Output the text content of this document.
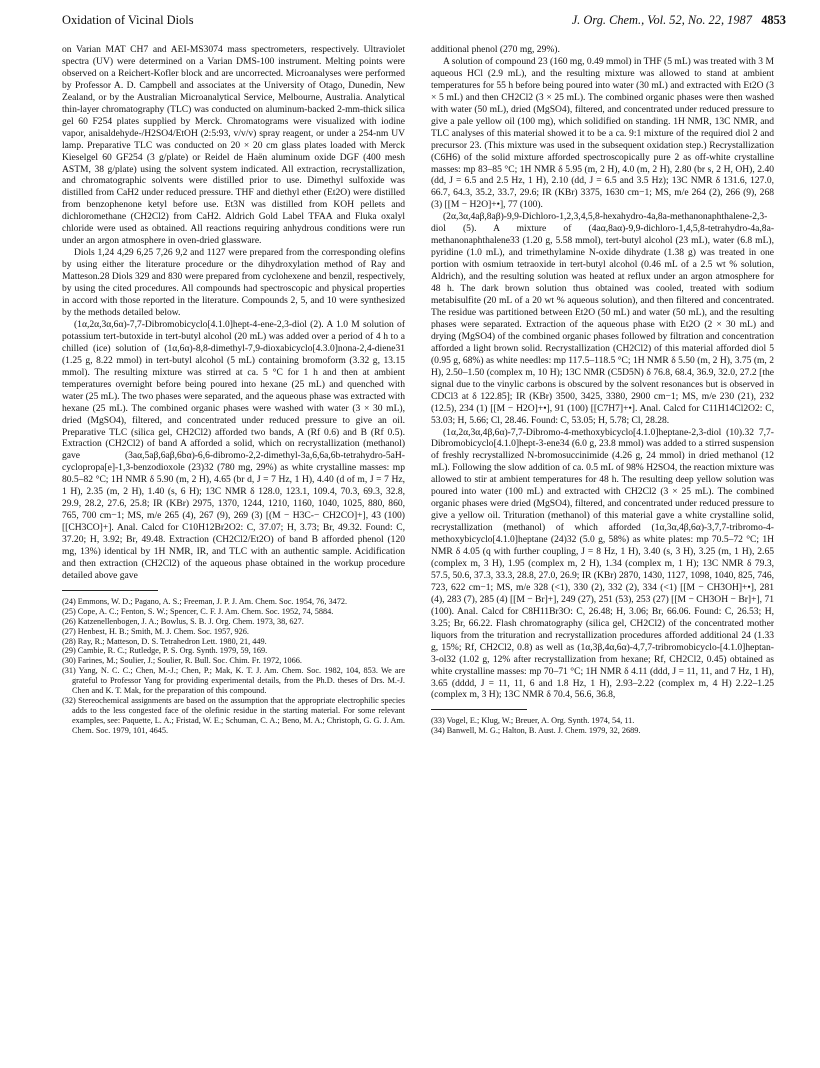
Oxidation of Vicinal Diols	J. Org. Chem., Vol. 52, No. 22, 1987 4853

on Varian MAT CH7 and AEI-MS3074 mass spectrometers, respectively. Ultraviolet spectra (UV) were determined on a Varian DMS-100 instrument. Melting points were observed on a Reichert-Kofler block and are uncorrected. Microanalyses were performed by Professor A. D. Campbell and associates at the University of Otago, Dunedin, New Zealand, or by the Australian Microanalytical Service, Melbourne, Australia. Analytical thin-layer chromatography (TLC) was conducted on aluminum-backed 2-mm-thick silica gel 60 F254 plates supplied by Merck. Chromatograms were visualized with iodine vapor, anisaldehyde-/H2SO4/EtOH (2:5:93, v/v/v) spray reagent, or under a 254-nm UV lamp. Preparative TLC was conducted on 20 × 20 cm glass plates loaded with Merck Kieselgel 60 GF254 (3 g/plate) or Reidel de Haën aluminum oxide DGF (400 mesh ASTM, 38 g/plate) using the solvent system indicated. All extraction, recrystallization, and chromatographic solvents were distilled prior to use. Dimethyl sulfoxide was distilled from CaH2 under reduced pressure. THF and diethyl ether (Et2O) were distilled from benzophenone ketyl before use. Et3N was distilled from KOH pellets and dichloromethane (CH2Cl2) from CaH2. Aldrich Gold Label TFAA and Fluka oxalyl chloride were used as obtained. All reactions requiring anhydrous conditions were run under an argon atmosphere in oven-dried glassware.

Diols 1,24 4,29 6,25 7,26 9,2 and 1127 were prepared from the corresponding olefins by using either the literature procedure or the dihydroxylation method of Ray and Matteson.28 Diols 329 and 830 were prepared from cyclohexene and benzil, respectively, by using the cited procedures. All compounds had spectroscopic and physical properties in accord with those reported in the literature. Compounds 2, 5, and 10 were synthesized by the methods detailed below.

(1α,2α,3α,6α)-7,7-Dibromobicyclo[4.1.0]hept-4-ene-2,3-diol (2). A 1.0 M solution of potassium tert-butoxide in tert-butyl alcohol (20 mL) was added over a period of 4 h to a chilled (ice) solution of (1α,6α)-8,8-dimethyl-7,9-dioxabicyclo[4.3.0]nona-2,4-diene31 (1.25 g, 8.22 mmol) in tert-butyl alcohol (5 mL) containing bromoform (3.32 g, 13.15 mmol). The resulting mixture was stirred at ca. 5 °C for 1 h and then at ambient temperatures overnight before being poured into hexane (25 mL) and quenched with water (25 mL). The two phases were separated, and the aqueous phase was extracted with hexane (25 mL). The combined organic phases were washed with water (3 × 30 mL), dried (MgSO4), filtered, and concentrated under reduced pressure to give an oil. Preparative TLC (silica gel, CH2Cl2) afforded two bands, A (Rf 0.6) and B (Rf 0.5). Extraction (CH2Cl2) of band A afforded a solid, which on recrystallization (methanol) gave (3aα,5aβ,6aβ,6bα)-6,6-dibromo-2,2-dimethyl-3a,6,6a,6b-tetrahydro-5aH-cyclopropa[e]-1,3-benzodioxole (23)32 (780 mg, 29%) as white crystalline masses: mp 80.5–82 °C; 1H NMR δ 5.90 (m, 2 H), 4.65 (br d, J = 7 Hz, 1 H), 4.40 (d of m, J = 7 Hz, 1 H), 2.35 (m, 2 H), 1.40 (s, 6 H); 13C NMR δ 128.0, 123.1, 109.4, 70.3, 69.3, 32.8, 29.9, 28.2, 27.6, 25.8; IR (KBr) 2975, 1370, 1244, 1210, 1160, 1040, 1025, 880, 860, 765, 700 cm−1; MS, m/e 265 (4), 267 (9), 269 (3) [(M − H3C-− CH2CO]+], 43 (100) [[CH3CO]+]. Anal. Calcd for C10H12Br2O2: C, 37.07; H, 3.73; Br, 49.32. Found: C, 37.20; H, 3.92; Br, 49.48. Extraction (CH2Cl2/Et2O) of band B afforded phenol (120 mg, 13%) identical by 1H NMR, IR, and TLC with an authentic sample. Acidification and then extraction (CH2Cl2) of the aqueous phase obtained in the workup procedure detailed above gave

(24) Emmons, W. D.; Pagano, A. S.; Freeman, J. P. J. Am. Chem. Soc. 1954, 76, 3472.

(25) Cope, A. C.; Fenton, S. W.; Spencer, C. F. J. Am. Chem. Soc. 1952, 74, 5884.

(26) Katzenellenbogen, J. A.; Bowlus, S. B. J. Org. Chem. 1973, 38, 627.

(27) Henbest, H. B.; Smith, M. J. Chem. Soc. 1957, 926.

(28) Ray, R.; Matteson, D. S. Tetrahedron Lett. 1980, 21, 449.

(29) Cambie, R. C.; Rutledge, P. S. Org. Synth. 1979, 59, 169.

(30) Farines, M.; Soulier, J.; Soulier, R. Bull. Soc. Chim. Fr. 1972, 1066.

(31) Yang, N. C. C.; Chen, M.-J.; Chen, P.; Mak, K. T. J. Am. Chem. Soc. 1982, 104, 853. We are grateful to Professor Yang for providing experimental details, from the Ph.D. theses of Drs. M.-J. Chen and K. T. Mak, for the preparation of this compound.

(32) Stereochemical assignments are based on the assumption that the appropriate electrophilic species adds to the less congested face of the olefinic residue in the starting material. For some relevant examples, see: Paquette, L. A.; Fristad, W. E.; Schuman, C. A.; Beno, M. A.; Christoph, G. G. J. Am. Chem. Soc. 1979, 101, 4645.

additional phenol (270 mg, 29%).

A solution of compound 23 (160 mg, 0.49 mmol) in THF (5 mL) was treated with 3 M aqueous HCl (2.9 mL), and the resulting mixture was allowed to stand at ambient temperatures for 55 h before being poured into water (30 mL) and extracted with Et2O (3 × 5 mL) and then CH2Cl2 (3 × 25 mL). The combined organic phases were then washed with water (50 mL), dried (MgSO4), filtered, and concentrated under reduced pressure to give a pale yellow oil (100 mg), which solidified on standing. 1H NMR, 13C NMR, and TLC analyses of this material showed it to be a ca. 9:1 mixture of the required diol 2 and precursor 23. (This mixture was used in the subsequent oxidation step.) Recrystallization (C6H6) of the solid mixture afforded spectroscopically pure 2 as off-white crystalline masses: mp 83–85 °C; 1H NMR δ 5.95 (m, 2 H), 4.0 (m, 2 H), 2.80 (br s, 2 H, OH), 2.40 (dd, J = 6.5 and 2.5 Hz, 1 H), 2.10 (dd, J = 6.5 and 3.5 Hz); 13C NMR δ 131.6, 127.0, 66.7, 64.3, 35.2, 33.7, 29.6; IR (KBr) 3375, 1630 cm−1; MS, m/e 264 (2), 266 (9), 268 (3) [[M − H2O]+•], 77 (100).

(2α,3α,4aβ,8aβ)-9,9-Dichloro-1,2,3,4,5,8-hexahydro-4a,8a-methanonaphthalene-2,3-diol (5). A mixture of (4aα,8aα)-9,9-dichloro-1,4,5,8-tetrahydro-4a,8a-methanonaphthalene33 (1.20 g, 5.58 mmol), tert-butyl alcohol (23 mL), water (6.8 mL), pyridine (1.0 mL), and trimethylamine N-oxide dihydrate (1.38 g) was treated in one portion with osmium tetraoxide in tert-butyl alcohol (0.46 mL of a 2.5 wt % solution, Aldrich), and the resulting solution was heated at reflux under an argon atmosphere for 48 h. The dark brown solution thus obtained was cooled, treated with sodium metabisulfite (20 mL of a 20 wt % aqueous solution), and then filtered and concentrated. The residue was partitioned between Et2O (50 mL) and water (50 mL), and the resulting phases were separated. Extraction of the aqueous phase with Et2O (2 × 30 mL) and drying (MgSO4) of the combined organic phases followed by filtration and concentration afforded a light brown solid. Recrystallization (CH2Cl2) of this material afforded diol 5 (0.95 g, 68%) as white needles: mp 117.5–118.5 °C; 1H NMR δ 5.50 (m, 2 H), 3.75 (m, 2 H), 2.50–1.50 (complex m, 10 H); 13C NMR (C5D5N) δ 76.8, 68.4, 36.9, 32.0, 27.2 [the signal due to the vinylic carbons is obscured by the solvent resonances but is observed in CDCl3 at δ 122.85]; IR (KBr) 3500, 3425, 3380, 2900 cm−1; MS, m/e 230 (21), 232 (12.5), 234 (1) [[M − H2O]+•], 91 (100) [[C7H7]+•]. Anal. Calcd for C11H14Cl2O2: C, 53.03; H, 5.66; Cl, 28.46. Found: C, 53.05; H, 5.78; Cl, 28.28.

(1α,2α,3α,4β,6α)-7,7-Dibromo-4-methoxybicyclo[4.1.0]heptane-2,3-diol (10).32 7,7-Dibromobicyclo[4.1.0]hept-3-ene34 (6.0 g, 23.8 mmol) was added to a stirred suspension of freshly recrystallized N-bromosuccinimide (4.26 g, 24 mmol) in dried methanol (12 mL). Following the slow addition of ca. 0.5 mL of 98% H2SO4, the reaction mixture was allowed to stir at ambient temperatures for 48 h. The resulting deep yellow solution was poured into water (100 mL) and extracted with CH2Cl2 (3 × 25 mL). The combined organic phases were dried (MgSO4), filtered, and concentrated under reduced pressure to give a yellow oil. Trituration (methanol) of this material gave a white crystalline solid, recrystallization (methanol) of which afforded (1α,3α,4β,6α)-3,7,7-tribromo-4-methoxybicyclo[4.1.0]heptane (24)32 (5.0 g, 58%) as white plates: mp 70.5–72 °C; 1H NMR δ 4.05 (q with further coupling, J = 8 Hz, 1 H), 3.40 (s, 3 H), 3.25 (m, 1 H), 2.65 (complex m, 3 H), 1.95 (complex m, 2 H), 1.34 (complex m, 1 H); 13C NMR δ 79.3, 57.5, 50.6, 37.3, 33.3, 28.8, 27.0, 26.9; IR (KBr) 2870, 1430, 1127, 1098, 1040, 825, 746, 723, 622 cm−1; MS, m/e 328 (<1), 330 (2), 332 (2), 334 (<1) [[M − CH3OH]+•], 281 (4), 283 (7), 285 (4) [[M − Br]+], 249 (27), 251 (53), 253 (27) [[M − CH3OH − Br]+], 71 (100). Anal. Calcd for C8H11Br3O: C, 26.48; H, 3.06; Br, 66.06. Found: C, 26.53; H, 3.25; Br, 66.22. Flash chromatography (silica gel, CH2Cl2) of the concentrated mother liquors from the trituration and recrystallization procedures afforded additional 24 (1.33 g, 15%; Rf, CH2Cl2, 0.8) as well as (1α,3β,4α,6α)-4,7,7-tribromobicyclo-[4.1.0]heptan-3-ol32 (1.02 g, 12% after recrystallization from hexane; Rf, CH2Cl2, 0.45) obtained as white crystalline masses: mp 70–71 °C; 1H NMR δ 4.11 (ddd, J = 11, 11, and 7 Hz, 1 H), 3.65 (dddd, J = 11, 11, 6 and 1.8 Hz, 1 H), 2.93–2.22 (complex m, 4 H) 2.22–1.25 (complex m, 3 H); 13C NMR δ 70.4, 56.6, 36.8,

(33) Vogel, E.; Klug, W.; Breuer, A. Org. Synth. 1974, 54, 11.

(34) Banwell, M. G.; Halton, B. Aust. J. Chem. 1979, 32, 2689.
